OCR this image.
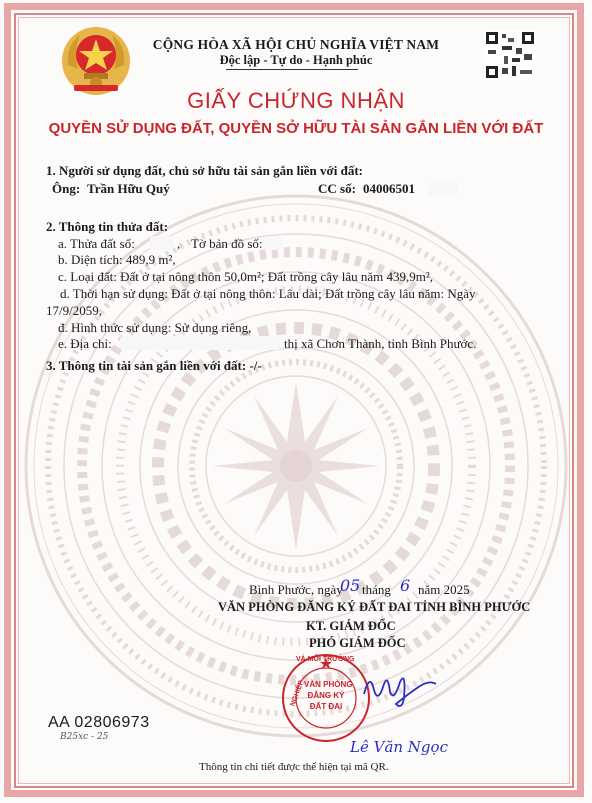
CỘNG HÒA XÃ HỘI CHỦ NGHĨA VIỆT NAM
Độc lập - Tự do - Hạnh phúc
GIẤY CHỨNG NHẬN
QUYỀN SỬ DỤNG ĐẤT, QUYỀN SỞ HỮU TÀI SẢN GẮN LIỀN VỚI ĐẤT
1. Người sử dụng đất, chủ sở hữu tài sản gắn liền với đất:
Ông: Trần Hữu Quý	CC số: 04006501
2. Thông tin thửa đất:
a. Thửa đất số:	, Tờ bản đồ số:
b. Diện tích: 489,9 m²,
c. Loại đất: Đất ở tại nông thôn 50,0m²; Đất trồng cây lâu năm 439,9m²,
d. Thời hạn sử dụng: Đất ở tại nông thôn: Lâu dài; Đất trồng cây lâu năm: Ngày
17/9/2059,
đ. Hình thức sử dụng: Sử dụng riêng,
e. Địa chỉ:	thị xã Chơn Thành, tỉnh Bình Phước.
3. Thông tin tài sản gắn liền với đất: -/-
Bình Phước, ngày
05 tháng 6 năm 2025
VĂN PHÒNG ĐĂNG KÝ ĐẤT ĐAI TỈNH BÌNH PHƯỚC
KT. GIÁM ĐỐC
PHÓ GIÁM ĐỐC
VÀ MÔI TRƯỜNG
NGHIỆP
VĂN PHÒNG
ĐĂNG KÝ
ĐẤT ĐAI
Lê Văn Ngọc
AA 02806973
B25xc - 25
Thông tin chi tiết được thể hiện tại mã QR.
